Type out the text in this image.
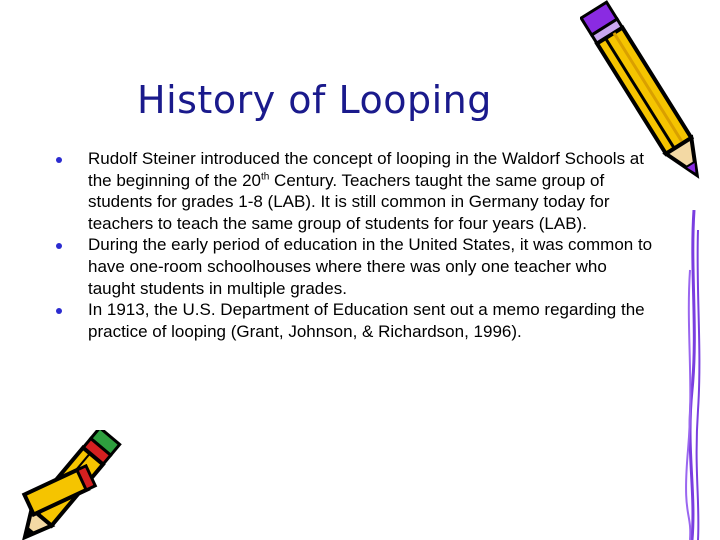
History of Looping
Rudolf Steiner introduced the concept of looping in the Waldorf Schools at the beginning of the 20th Century. Teachers taught the same group of students for grades 1-8 (LAB). It is still common in Germany today for teachers to teach the same group of students for four years (LAB).
During the early period of education in the United States, it was common to have one-room schoolhouses where there was only one teacher who taught students in multiple grades.
In 1913, the U.S. Department of Education sent out a memo regarding the practice of looping (Grant, Johnson, & Richardson, 1996).
